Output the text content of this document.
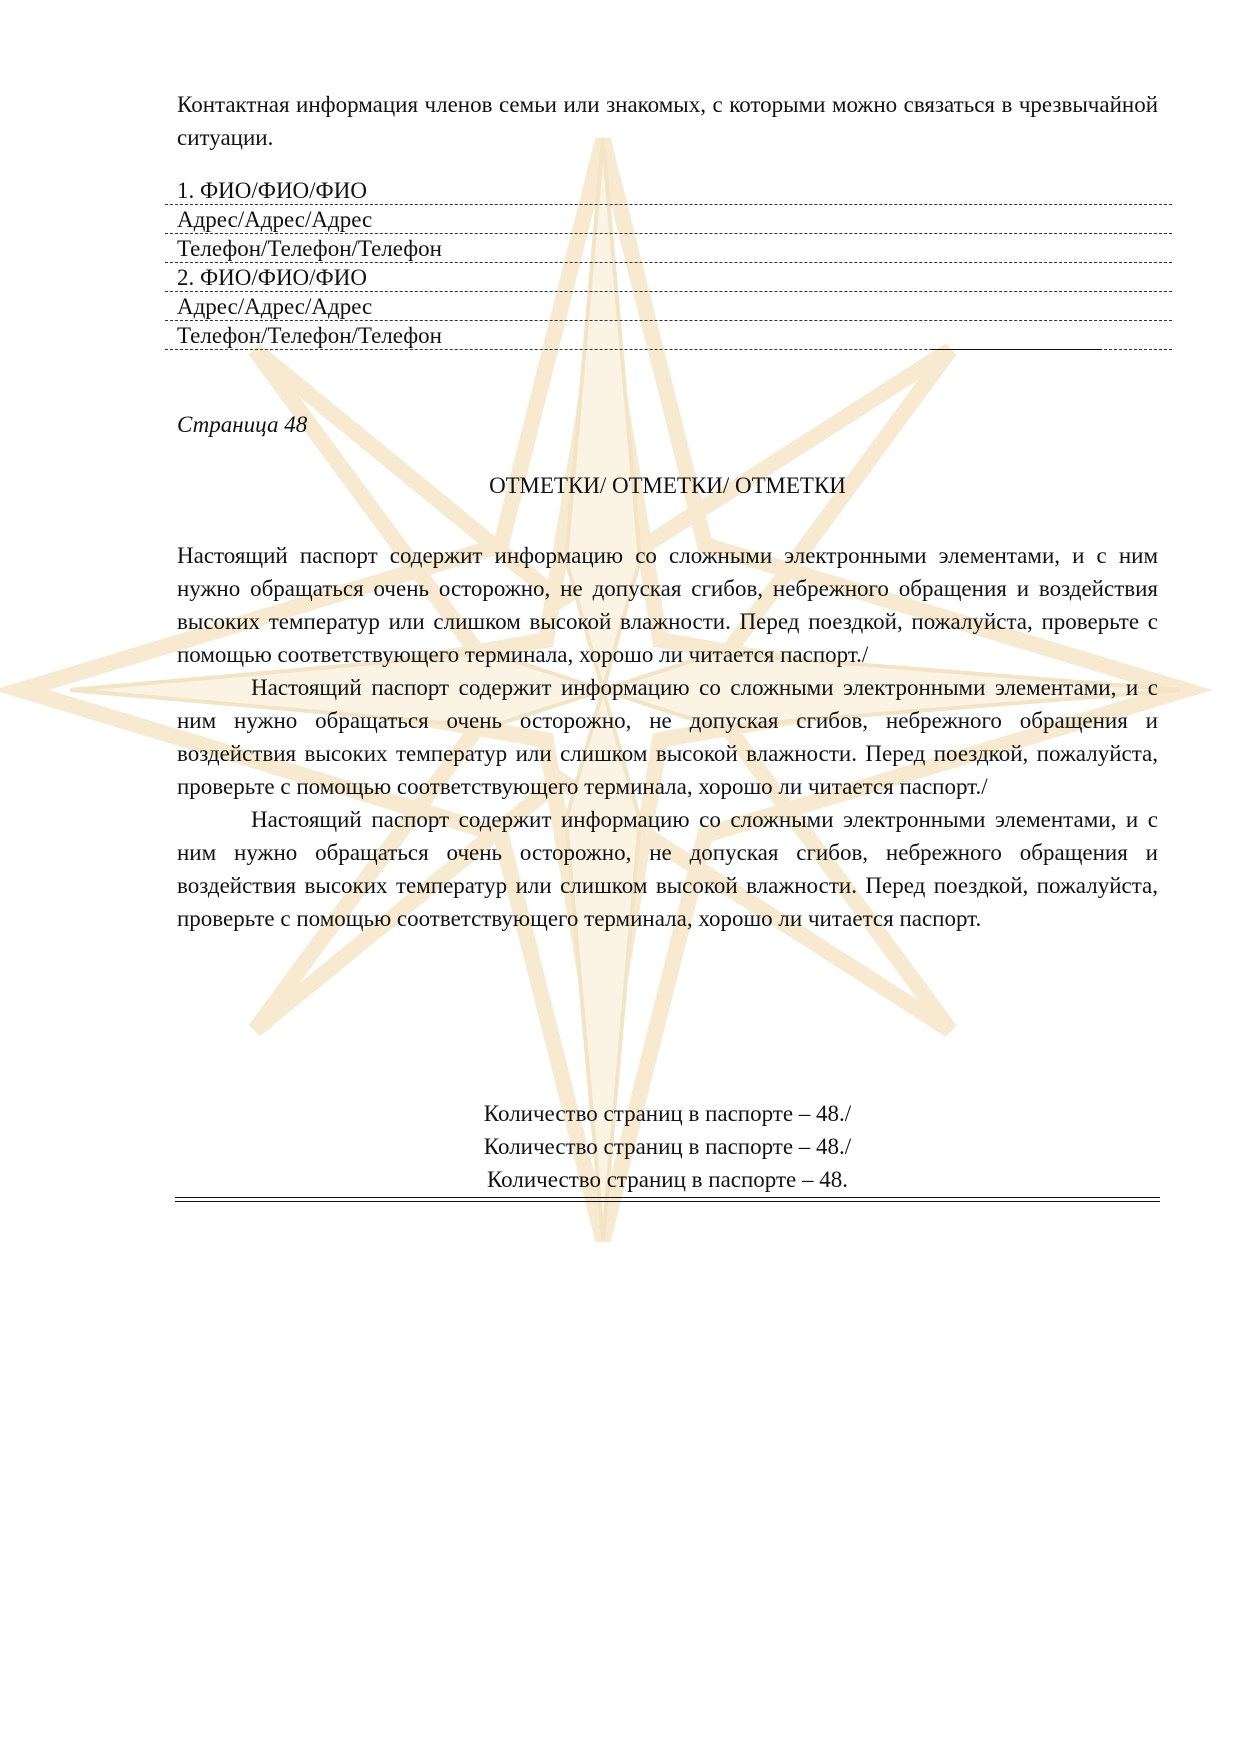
Контактная информация членов семьи или знакомых, с которыми можно связаться в чрезвычайной ситуации.

1. ФИО/ФИО/ФИО
Адрес/Адрес/Адрес
Телефон/Телефон/Телефон
2. ФИО/ФИО/ФИО
Адрес/Адрес/Адрес
Телефон/Телефон/Телефон

Страница 48

ОТМЕТКИ/ ОТМЕТКИ/ ОТМЕТКИ

Настоящий паспорт содержит информацию со сложными электронными элементами, и с ним нужно обращаться очень осторожно, не допуская сгибов, небрежного обращения и воздействия высоких температур или слишком высокой влажности. Перед поездкой, пожалуйста, проверьте с помощью соответствующего терминала, хорошо ли читается паспорт./

Настоящий паспорт содержит информацию со сложными электронными элементами, и с ним нужно обращаться очень осторожно, не допуская сгибов, небрежного обращения и воздействия высоких температур или слишком высокой влажности. Перед поездкой, пожалуйста, проверьте с помощью соответствующего терминала, хорошо ли читается паспорт./

Настоящий паспорт содержит информацию со сложными электронными элементами, и с ним нужно обращаться очень осторожно, не допуская сгибов, небрежного обращения и воздействия высоких температур или слишком высокой влажности. Перед поездкой, пожалуйста, проверьте с помощью соответствующего терминала, хорошо ли читается паспорт.

Количество страниц в паспорте – 48./

Количество страниц в паспорте – 48./

Количество страниц в паспорте – 48.
